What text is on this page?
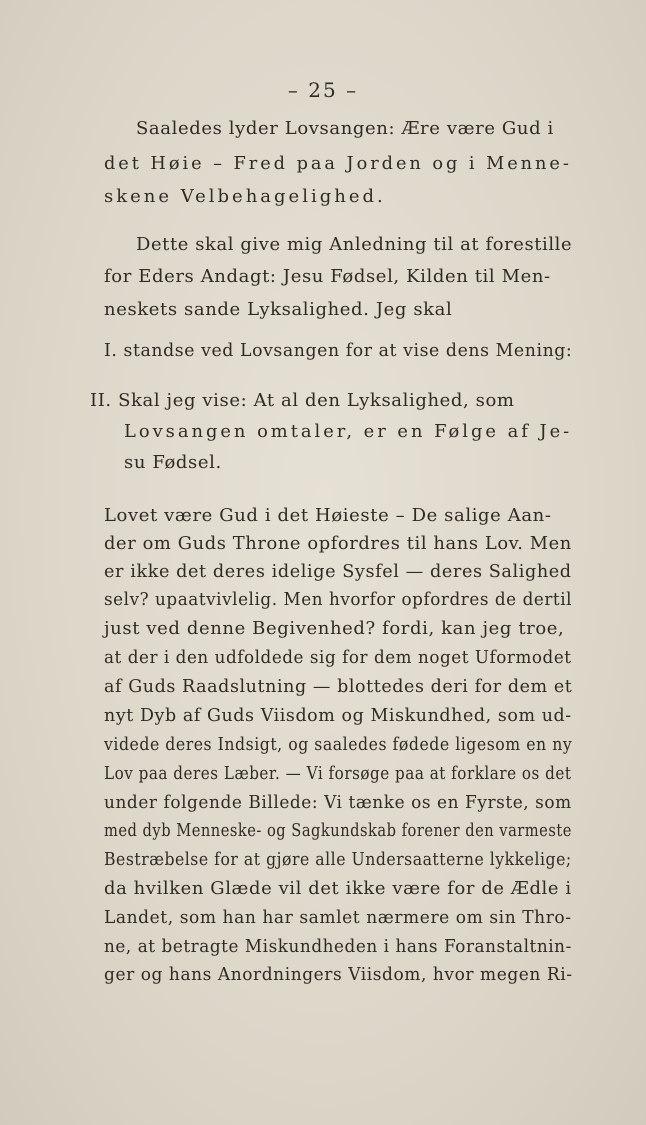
– 25 –
Saaledes lyder Lovsangen: Ære være Gud i
det Høie – Fred paa Jorden og i Menne-
skene Velbehagelighed.
Dette skal give mig Anledning til at forestille
for Eders Andagt: Jesu Fødsel, Kilden til Men-
neskets sande Lyksalighed. Jeg skal
I. standse ved Lovsangen for at vise dens Mening:
II. Skal jeg vise: At al den Lyksalighed, som
Lovsangen omtaler, er en Følge af Je-
su Fødsel.
Lovet være Gud i det Høieste – De salige Aan-
der om Guds Throne opfordres til hans Lov. Men
er ikke det deres idelige Sysfel — deres Salighed
selv? upaatvivlelig. Men hvorfor opfordres de dertil
just ved denne Begivenhed? fordi, kan jeg troe,
at der i den udfoldede sig for dem noget Uformodet
af Guds Raadslutning — blottedes deri for dem et
nyt Dyb af Guds Viisdom og Miskundhed, som ud-
videde deres Indsigt, og saaledes fødede ligesom en ny
Lov paa deres Læber. — Vi forsøge paa at forklare os det
under folgende Billede: Vi tænke os en Fyrste, som
med dyb Menneske- og Sagkundskab forener den varmeste
Bestræbelse for at gjøre alle Undersaatterne lykkelige;
da hvilken Glæde vil det ikke være for de Ædle i
Landet, som han har samlet nærmere om sin Thro-
ne, at betragte Miskundheden i hans Foranstaltnin-
ger og hans Anordningers Viisdom, hvor megen Ri-
